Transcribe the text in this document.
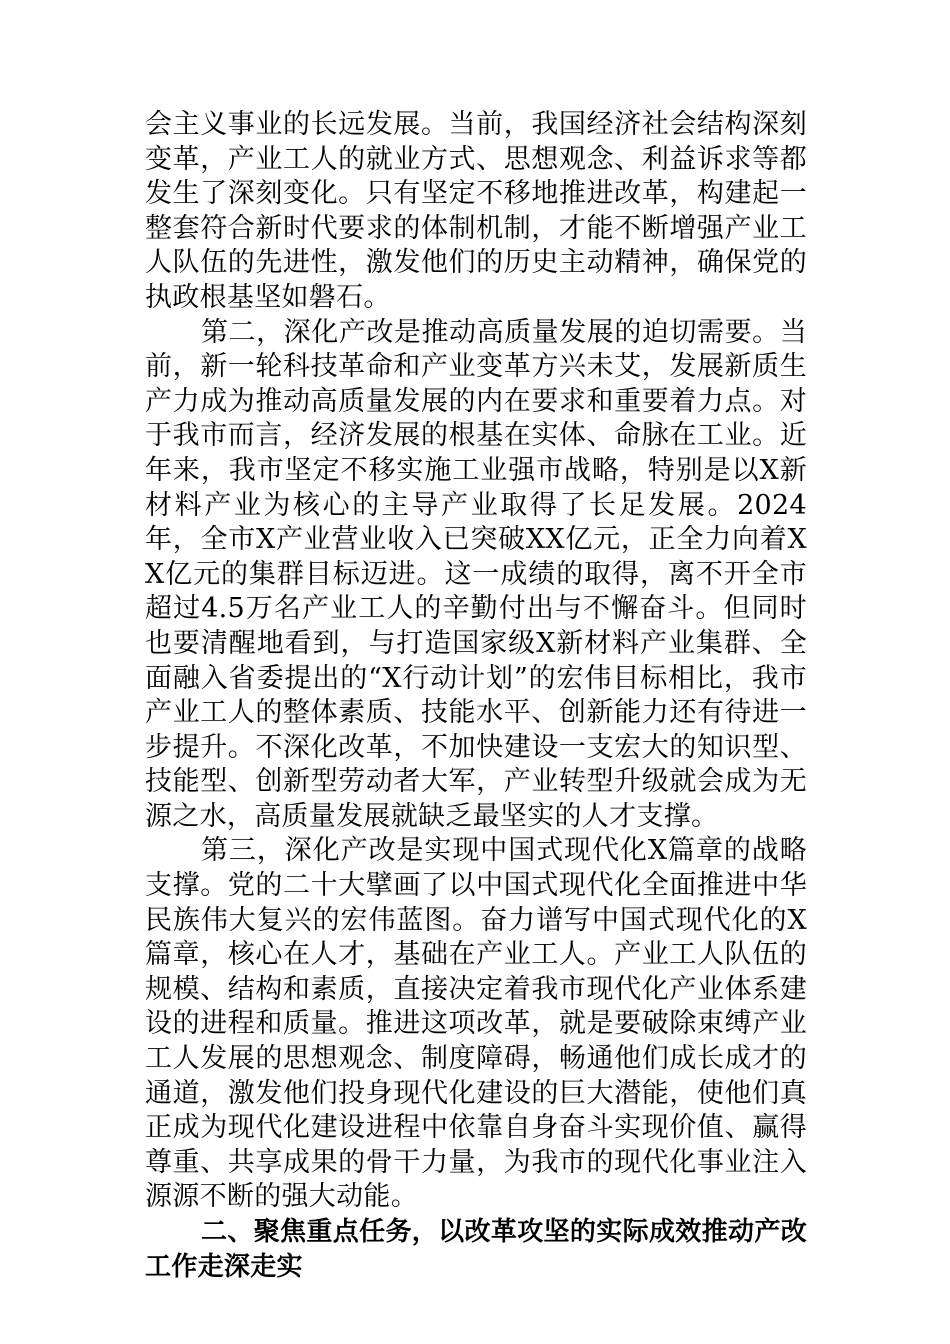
会主义事业的长远发展。当前，我国经济社会结构深刻变革，产业工人的就业方式、思想观念、利益诉求等都发生了深刻变化。只有坚定不移地推进改革，构建起一整套符合新时代要求的体制机制，才能不断增强产业工人队伍的先进性，激发他们的历史主动精神，确保党的执政根基坚如磐石。

第二，深化产改是推动高质量发展的迫切需要。当前，新一轮科技革命和产业变革方兴未艾，发展新质生产力成为推动高质量发展的内在要求和重要着力点。对于我市而言，经济发展的根基在实体、命脉在工业。近年来，我市坚定不移实施工业强市战略，特别是以X新材料产业为核心的主导产业取得了长足发展。2024年，全市X产业营业收入已突破XX亿元，正全力向着XX亿元的集群目标迈进。这一成绩的取得，离不开全市超过4.5万名产业工人的辛勤付出与不懈奋斗。但同时也要清醒地看到，与打造国家级X新材料产业集群、全面融入省委提出的“X行动计划”的宏伟目标相比，我市产业工人的整体素质、技能水平、创新能力还有待进一步提升。不深化改革，不加快建设一支宏大的知识型、技能型、创新型劳动者大军，产业转型升级就会成为无源之水，高质量发展就缺乏最坚实的人才支撑。

第三，深化产改是实现中国式现代化X篇章的战略支撑。党的二十大擘画了以中国式现代化全面推进中华民族伟大复兴的宏伟蓝图。奋力谱写中国式现代化的X篇章，核心在人才，基础在产业工人。产业工人队伍的规模、结构和素质，直接决定着我市现代化产业体系建设的进程和质量。推进这项改革，就是要破除束缚产业工人发展的思想观念、制度障碍，畅通他们成长成才的通道，激发他们投身现代化建设的巨大潜能，使他们真正成为现代化建设进程中依靠自身奋斗实现价值、赢得尊重、共享成果的骨干力量，为我市的现代化事业注入源源不断的强大动能。

二、聚焦重点任务，以改革攻坚的实际成效推动产改工作走深走实
